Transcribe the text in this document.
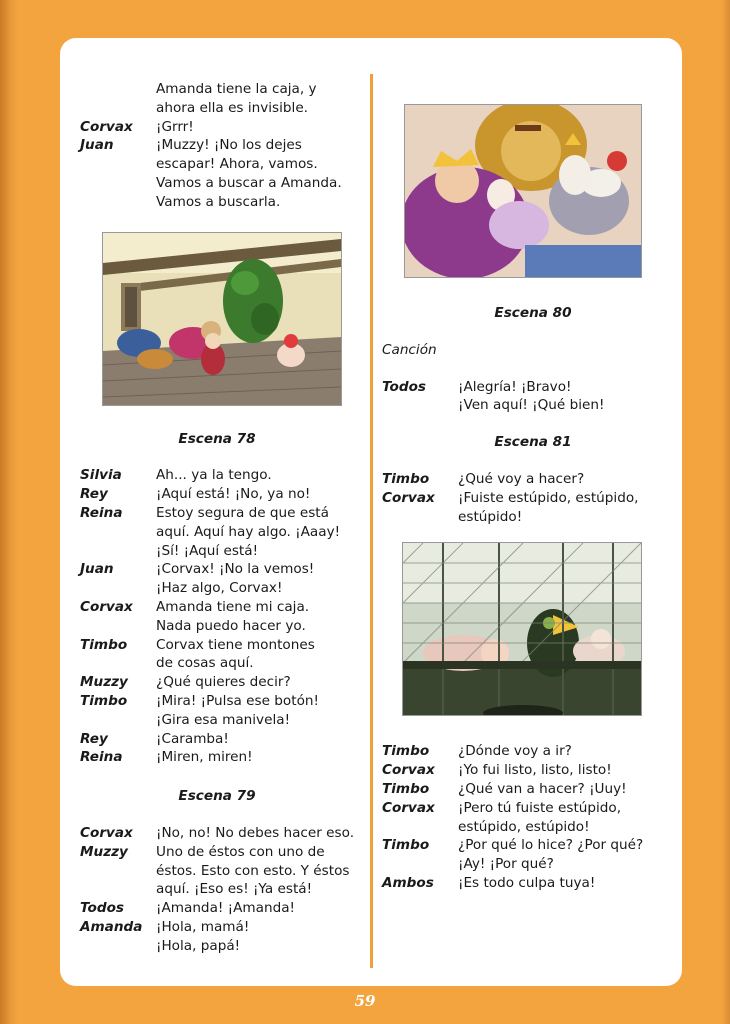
Amanda tiene la caja, y
ahora ella es invisible.
Corvax ¡Grrr!
Juan	¡Muzzy! ¡No los dejes
escapar! Ahora, vamos.
Vamos a buscar a Amanda.
Vamos a buscarla.
Escena 78
Silvia	Ah... ya la tengo.
Rey	¡Aquí está! ¡No, ya no!
Reina Estoy segura de que está
aquí. Aquí hay algo. ¡Aaay!
¡Sí! ¡Aquí está!
Juan	¡Corvax! ¡No la vemos!
¡Haz algo, Corvax!
Corvax Amanda tiene mi caja.
Nada puedo hacer yo.
Timbo Corvax tiene montones
de cosas aquí.
Muzzy ¿Qué quieres decir?
Timbo ¡Mira! ¡Pulsa ese botón!
¡Gira esa manivela!
Rey	¡Caramba!
Reina ¡Miren, miren!
Escena 79
Corvax ¡No, no! No debes hacer eso.
Muzzy Uno de éstos con uno de
éstos. Esto con esto. Y éstos
aquí. ¡Eso es! ¡Ya está!
Todos ¡Amanda! ¡Amanda!
Amanda ¡Hola, mamá!
¡Hola, papá!
Escena 80
Canción
Todos ¡Alegría! ¡Bravo!
¡Ven aquí! ¡Qué bien!
Escena 81
Timbo ¿Qué voy a hacer?
Corvax ¡Fuiste estúpido, estúpido,
estúpido!
Timbo ¿Dónde voy a ir?
Corvax ¡Yo fui listo, listo, listo!
Timbo ¿Qué van a hacer? ¡Uuy!
Corvax ¡Pero tú fuiste estúpido,
estúpido, estúpido!
Timbo ¿Por qué lo hice? ¿Por qué?
¡Ay! ¡Por qué?
Ambos ¡Es todo culpa tuya!
59
